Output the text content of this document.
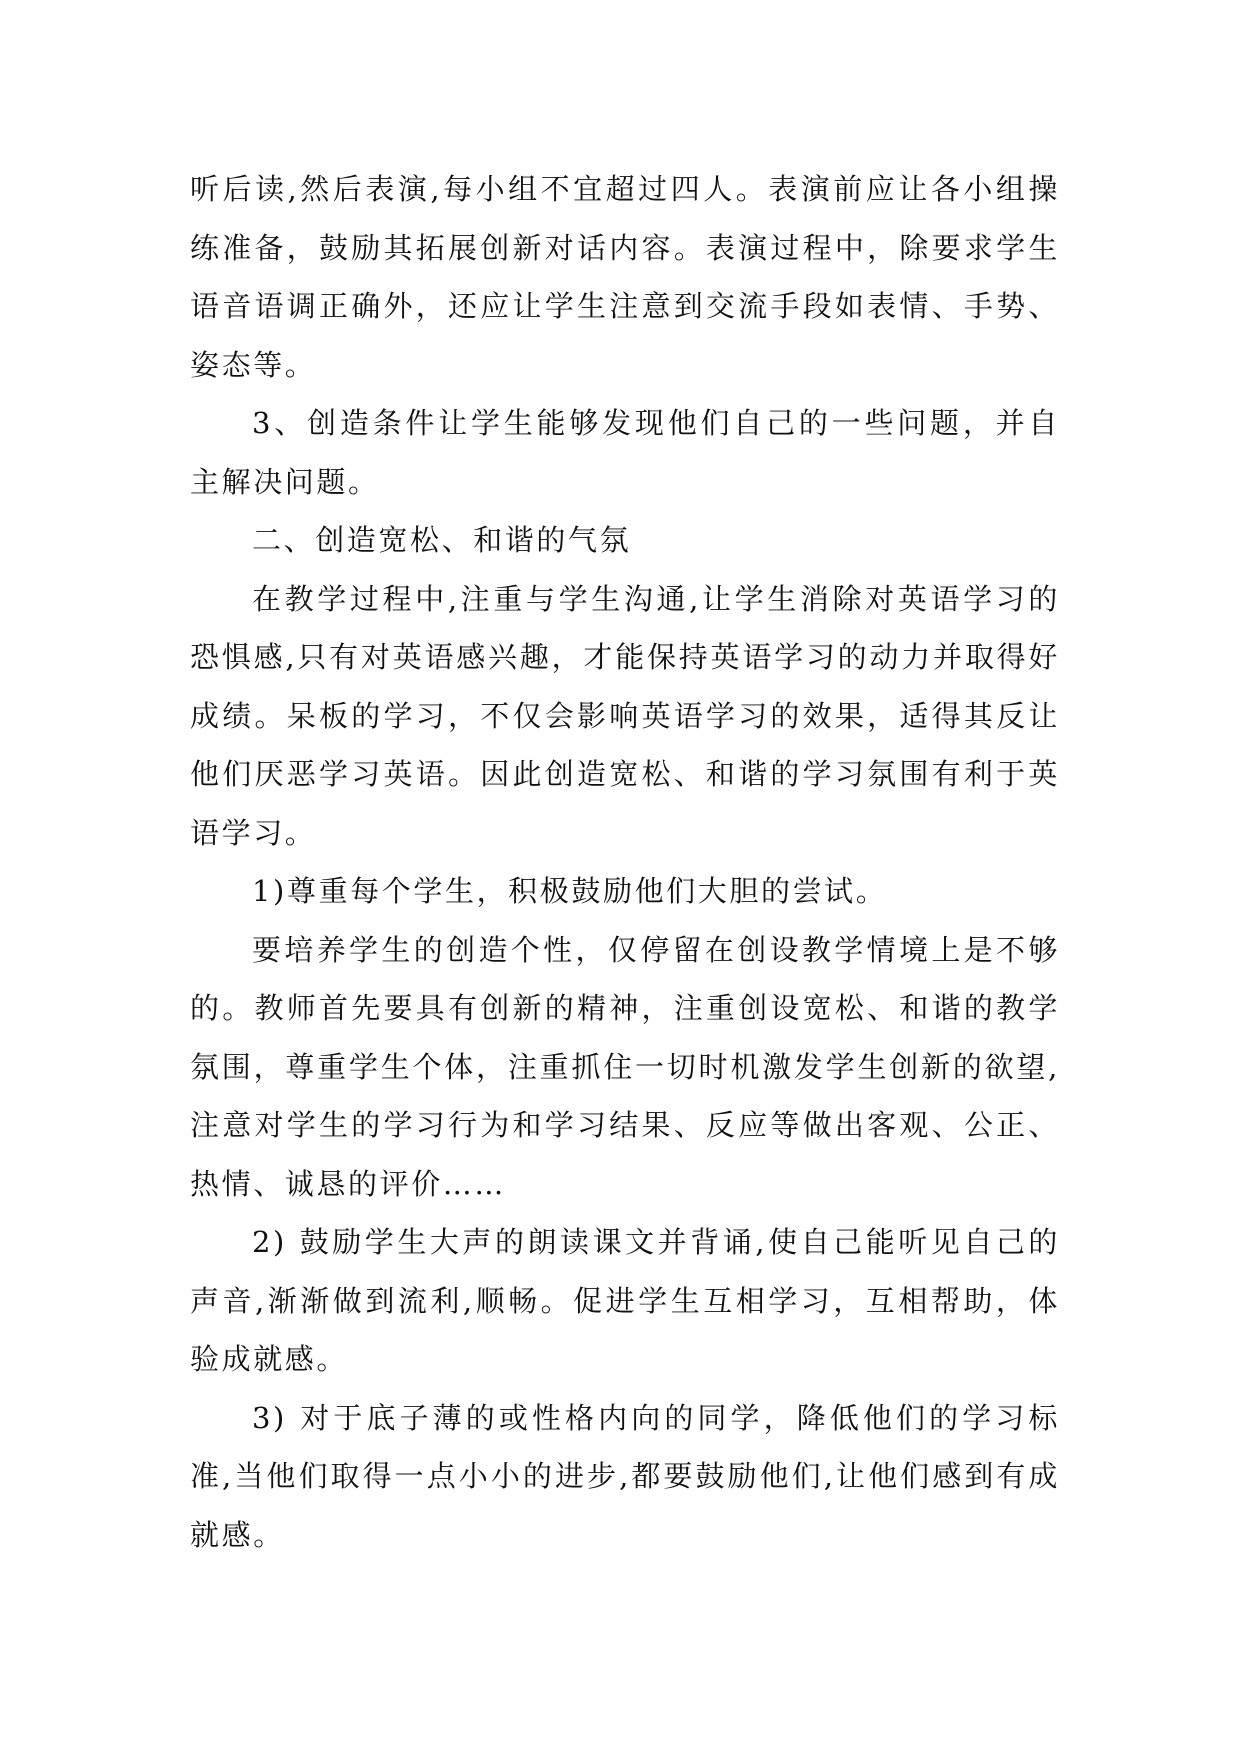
听后读,然后表演,每小组不宜超过四人。表演前应让各小组操练准备，鼓励其拓展创新对话内容。表演过程中，除要求学生语音语调正确外，还应让学生注意到交流手段如表情、手势、姿态等。

3、创造条件让学生能够发现他们自己的一些问题，并自主解决问题。

二、创造宽松、和谐的气氛

在教学过程中,注重与学生沟通,让学生消除对英语学习的恐惧感,只有对英语感兴趣，才能保持英语学习的动力并取得好成绩。呆板的学习，不仅会影响英语学习的效果，适得其反让他们厌恶学习英语。因此创造宽松、和谐的学习氛围有利于英语学习。

1)尊重每个学生，积极鼓励他们大胆的尝试。

要培养学生的创造个性，仅停留在创设教学情境上是不够的。教师首先要具有创新的精神，注重创设宽松、和谐的教学氛围，尊重学生个体，注重抓住一切时机激发学生创新的欲望,注意对学生的学习行为和学习结果、反应等做出客观、公正、热情、诚恳的评价……

2) 鼓励学生大声的朗读课文并背诵,使自己能听见自己的声音,渐渐做到流利,顺畅。促进学生互相学习，互相帮助，体验成就感。

3) 对于底子薄的或性格内向的同学，降低他们的学习标准,当他们取得一点小小的进步,都要鼓励他们,让他们感到有成就感。
